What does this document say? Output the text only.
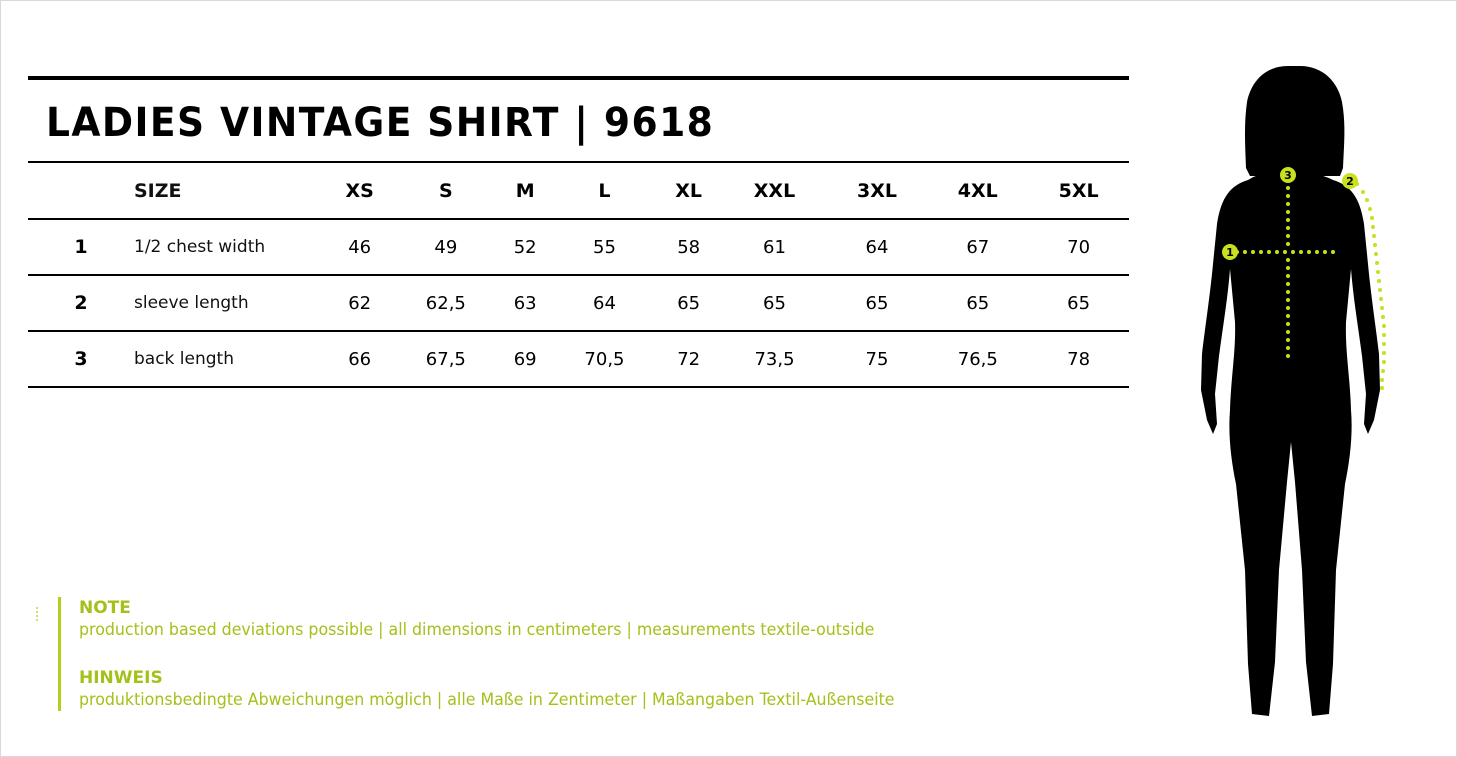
LADIES VINTAGE SHIRT | 9618
	SIZE	XS	S	M	L	XL	XXL	3XL	4XL	5XL
1	1/2 chest width	46	49	52	55	58	61	64	67	70
2	sleeve length	62	62,5	63	64	65	65	65	65	65
3	back length	66	67,5	69	70,5	72	73,5	75	76,5	78
NOTE
production based deviations possible | all dimensions in centimeters | measurements textile-outside
HINWEIS
produktionsbedingte Abweichungen möglich | alle Maße in Zentimeter | Maßangaben Textil-Außenseite
1
2
3
